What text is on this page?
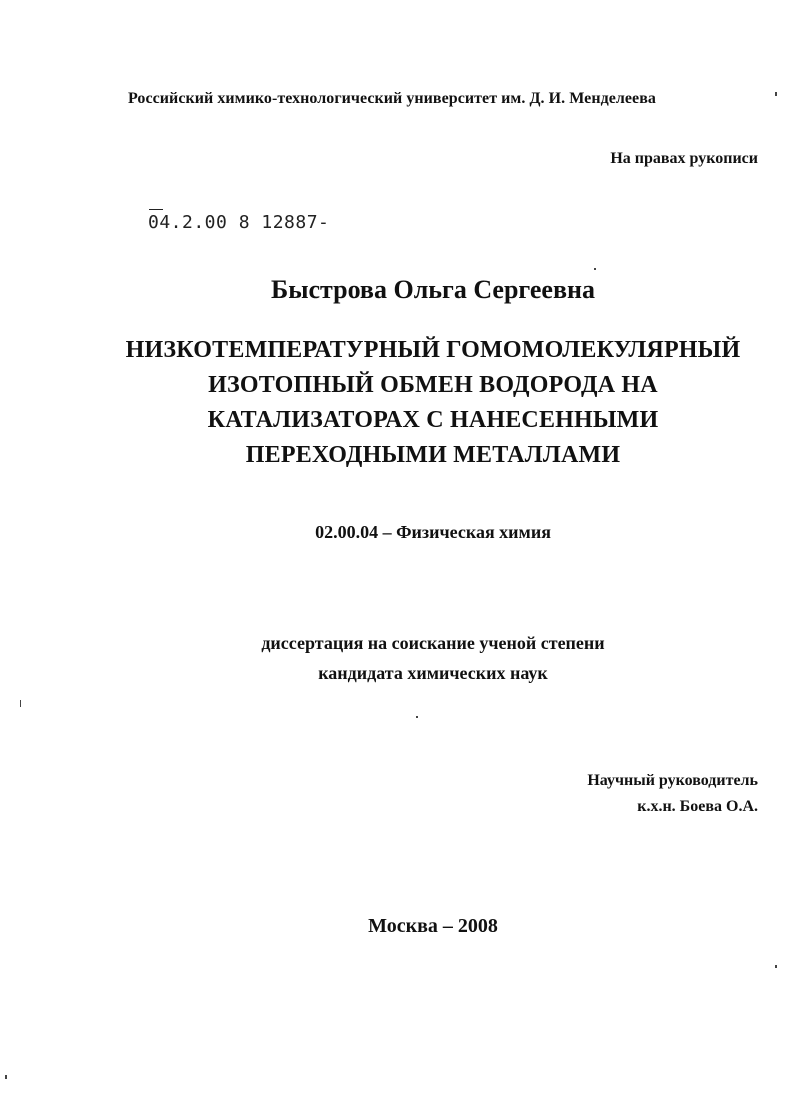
Российский химико-технологический университет им. Д. И. Менделеева
На правах рукописи
04.2.00 8 12887-
Быстрова Ольга Сергеевна
НИЗКОТЕМПЕРАТУРНЫЙ ГОМОМОЛЕКУЛЯРНЫЙ
ИЗОТОПНЫЙ ОБМЕН ВОДОРОДА НА
КАТАЛИЗАТОРАХ С НАНЕСЕННЫМИ
ПЕРЕХОДНЫМИ МЕТАЛЛАМИ
02.00.04 – Физическая химия
диссертация на соискание ученой степени
кандидата химических наук
Научный руководитель
к.х.н. Боева О.А.
Москва – 2008
